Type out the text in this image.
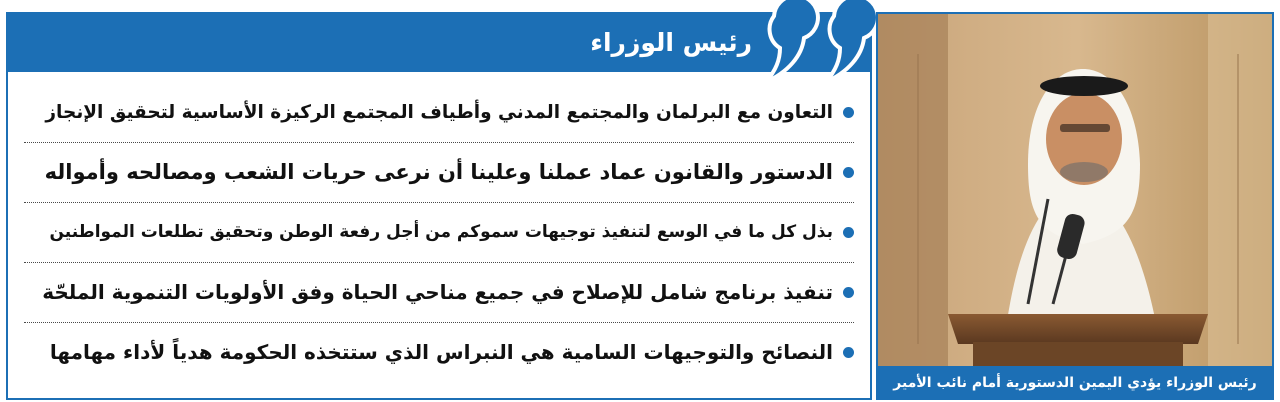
رئيس الوزراء
التعاون مع البرلمان والمجتمع المدني وأطياف المجتمع الركيزة الأساسية لتحقيق الإنجاز
الدستور والقانون عماد عملنا وعلينا أن نرعى حريات الشعب ومصالحه وأمواله
بذل كل ما في الوسع لتنفيذ توجيهات سموكم من أجل رفعة الوطن وتحقيق تطلعات المواطنين
تنفيذ برنامج شامل للإصلاح في جميع مناحي الحياة وفق الأولويات التنموية الملحّة
النصائح والتوجيهات السامية هي النبراس الذي ستتخذه الحكومة هدياً لأداء مهامها
رئيس الوزراء يؤدي اليمين الدستورية أمام نائب الأمير
